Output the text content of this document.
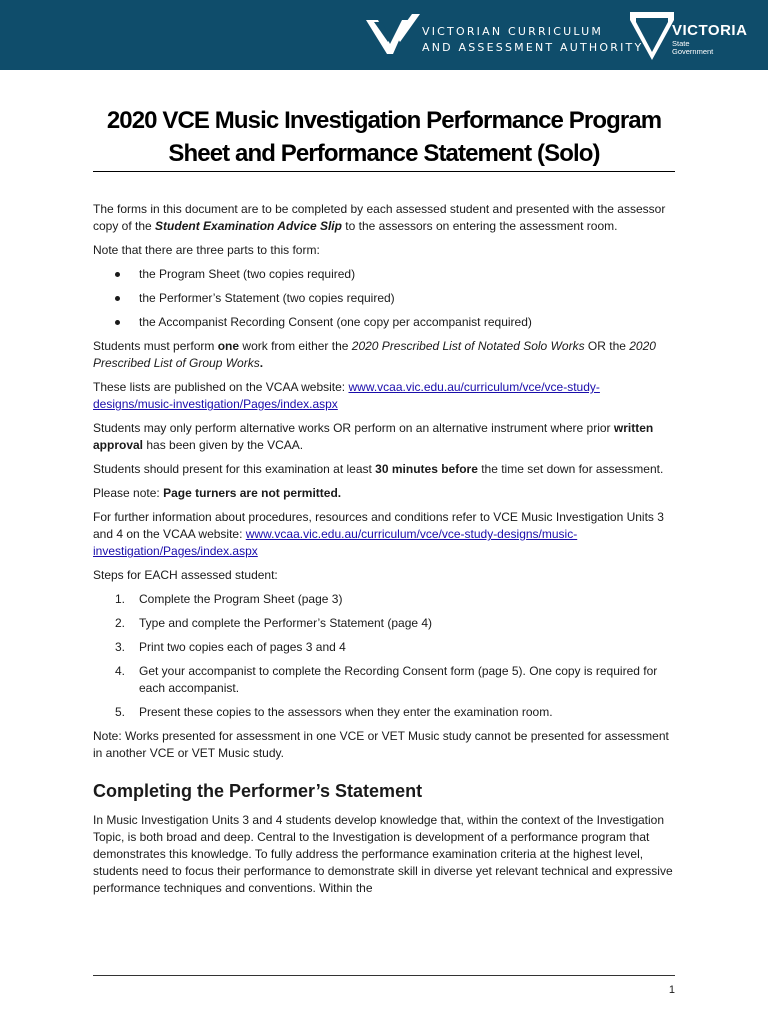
VICTORIAN CURRICULUM
AND ASSESSMENT AUTHORITY
VICTORIA
State
Government
2020 VCE Music Investigation Performance Program
Sheet and Performance Statement (Solo)

The forms in this document are to be completed by each assessed student and presented with the assessor copy of the Student Examination Advice Slip to the assessors on entering the assessment room.

Note that there are three parts to this form:

the Program Sheet (two copies required)
the Performer’s Statement (two copies required)
the Accompanist Recording Consent (one copy per accompanist required)

Students must perform one work from either the 2020 Prescribed List of Notated Solo Works OR the 2020 Prescribed List of Group Works.

These lists are published on the VCAA website: www.vcaa.vic.edu.au/curriculum/vce/vce-study-designs/music-investigation/Pages/index.aspx

Students may only perform alternative works OR perform on an alternative instrument where prior written approval has been given by the VCAA.

Students should present for this examination at least 30 minutes before the time set down for assessment.

Please note: Page turners are not permitted.

For further information about procedures, resources and conditions refer to VCE Music Investigation Units 3 and 4 on the VCAA website: www.vcaa.vic.edu.au/curriculum/vce/vce-study-designs/music-investigation/Pages/index.aspx

Steps for EACH assessed student:

1. Complete the Program Sheet (page 3)
2. Type and complete the Performer’s Statement (page 4)
3. Print two copies each of pages 3 and 4
4. Get your accompanist to complete the Recording Consent form (page 5). One copy is required for each accompanist.
5. Present these copies to the assessors when they enter the examination room.

Note: Works presented for assessment in one VCE or VET Music study cannot be presented for assessment in another VCE or VET Music study.

Completing the Performer’s Statement

In Music Investigation Units 3 and 4 students develop knowledge that, within the context of the Investigation Topic, is both broad and deep. Central to the Investigation is development of a performance program that demonstrates this knowledge. To fully address the performance examination criteria at the highest level, students need to focus their performance to demonstrate skill in diverse yet relevant technical and expressive performance techniques and conventions. Within the

1
